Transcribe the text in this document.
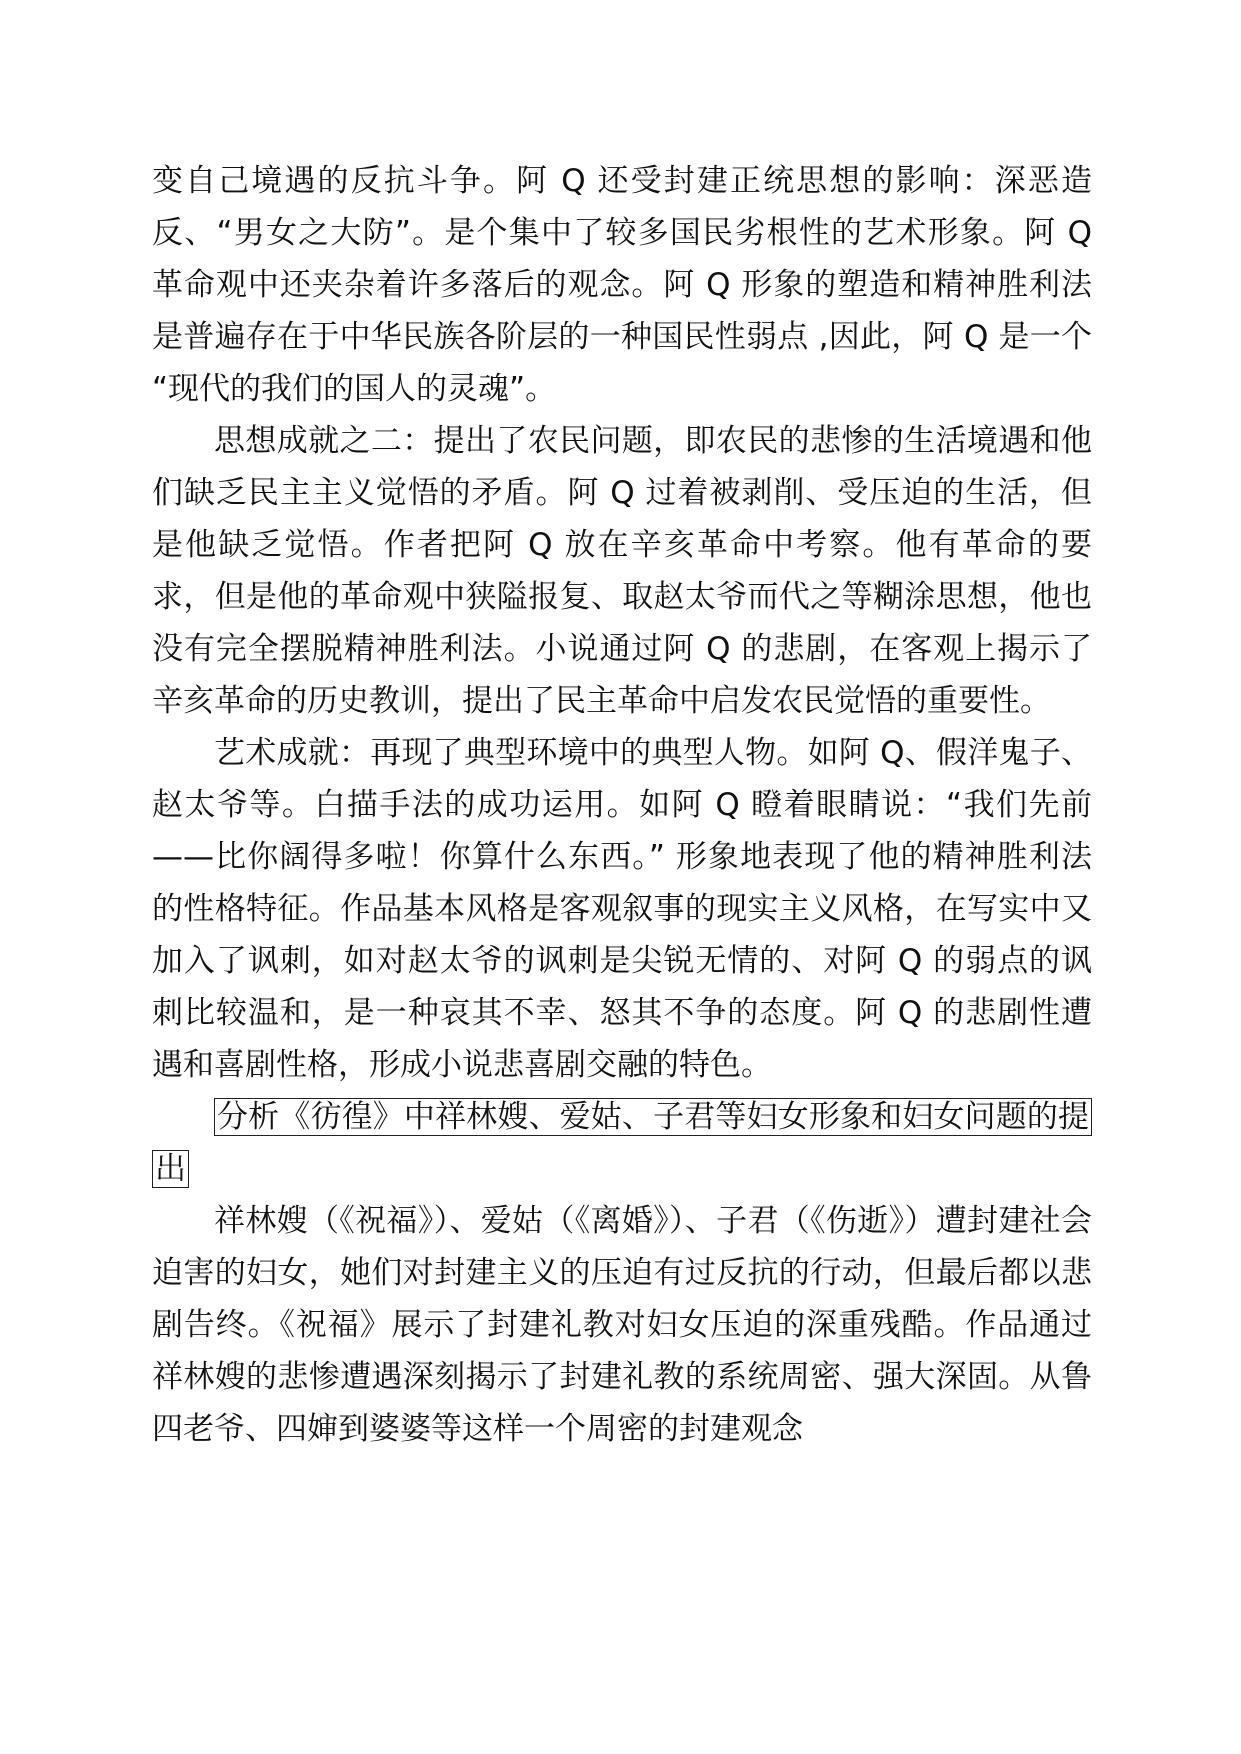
变自己境遇的反抗斗争。阿 Q 还受封建正统思想的影响：深恶造反、“男女之大防”。是个集中了较多国民劣根性的艺术形象。阿 Q 革命观中还夹杂着许多落后的观念。阿 Q 形象的塑造和精神胜利法是普遍存在于中华民族各阶层的一种国民性弱点 ,因此，阿 Q 是一个 “现代的我们的国人的灵魂”。

思想成就之二：提出了农民问题，即农民的悲惨的生活境遇和他们缺乏民主主义觉悟的矛盾。阿 Q 过着被剥削、受压迫的生活，但是他缺乏觉悟。作者把阿 Q 放在辛亥革命中考察。他有革命的要求，但是他的革命观中狭隘报复、取赵太爷而代之等糊涂思想，他也没有完全摆脱精神胜利法。小说通过阿 Q 的悲剧，在客观上揭示了辛亥革命的历史教训，提出了民主革命中启发农民觉悟的重要性。

艺术成就：再现了典型环境中的典型人物。如阿 Q、假洋鬼子、赵太爷等。白描手法的成功运用。如阿 Q 瞪着眼睛说：“我们先前——比你阔得多啦！你算什么东西。” 形象地表现了他的精神胜利法的性格特征。作品基本风格是客观叙事的现实主义风格，在写实中又加入了讽刺，如对赵太爷的讽刺是尖锐无情的、对阿 Q 的弱点的讽刺比较温和，是一种哀其不幸、怒其不争的态度。阿 Q 的悲剧性遭遇和喜剧性格，形成小说悲喜剧交融的特色。

分析《彷徨》中祥林嫂、爱姑、子君等妇女形象和妇女问题的提出

祥林嫂（《祝福》）、爱姑（《离婚》）、子君（《伤逝》）遭封建社会迫害的妇女，她们对封建主义的压迫有过反抗的行动，但最后都以悲剧告终。《祝福》展示了封建礼教对妇女压迫的深重残酷。作品通过祥林嫂的悲惨遭遇深刻揭示了封建礼教的系统周密、强大深固。从鲁四老爷、四婶到婆婆等这样一个周密的封建观念
